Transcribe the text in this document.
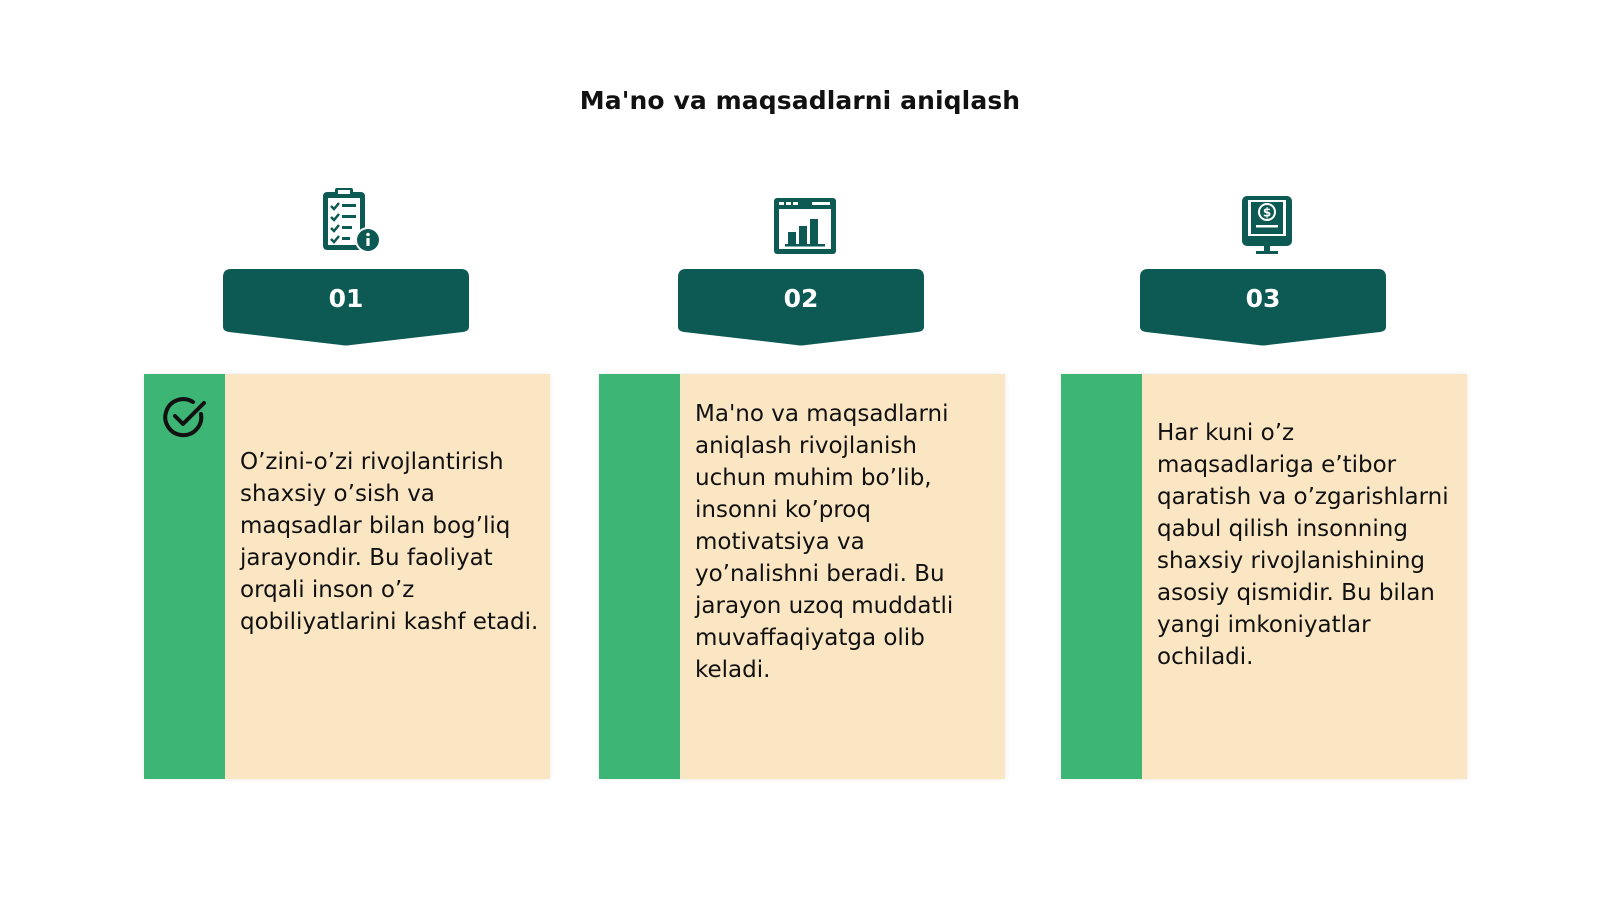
Ma'no va maqsadlarni aniqlash
01
O’zini-o’zi rivojlantirish shaxsiy o’sish va maqsadlar bilan bog’liq jarayondir. Bu faoliyat orqali inson o’z qobiliyatlarini kashf etadi.
02
Ma'no va maqsadlarni aniqlash rivojlanish uchun muhim bo’lib, insonni ko’proq motivatsiya va yo’nalishni beradi. Bu jarayon uzoq muddatli muvaffaqiyatga olib keladi.
$
03
Har kuni o’z maqsadlariga e’tibor qaratish va o’zgarishlarni qabul qilish insonning shaxsiy rivojlanishining asosiy qismidir. Bu bilan yangi imkoniyatlar ochiladi.
